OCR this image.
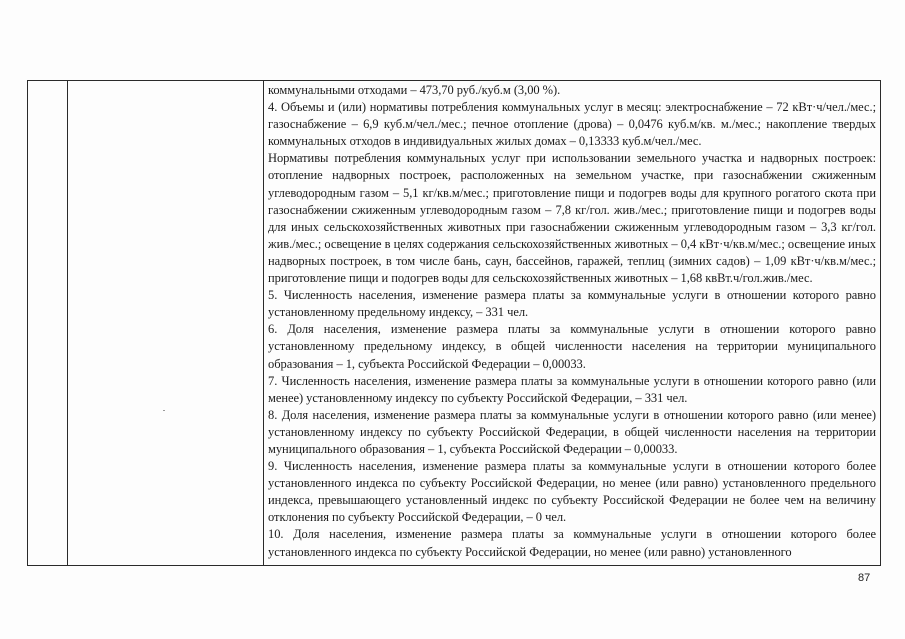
коммунальными отходами – 473,70 руб./куб.м (3,00 %).

4. Объемы и (или) нормативы потребления коммунальных услуг в месяц: электроснабжение – 72 кВт·ч/чел./мес.; газоснабжение – 6,9 куб.м/чел./мес.; печное отопление (дрова) – 0,0476 куб.м/кв. м./мес.; накопление твердых коммунальных отходов в индивидуальных жилых домах – 0,13333 куб.м/чел./мес.

Нормативы потребления коммунальных услуг при использовании земельного участка и надворных построек: отопление надворных построек, расположенных на земельном участке, при газоснабжении сжиженным углеводородным газом – 5,1 кг/кв.м/мес.; приготовление пищи и подогрев воды для крупного рогатого скота при газоснабжении сжиженным углеводородным газом – 7,8 кг/гол. жив./мес.; приготовление пищи и подогрев воды для иных сельскохозяйственных животных при газоснабжении сжиженным углеводородным газом – 3,3 кг/гол. жив./мес.; освещение в целях содержания сельскохозяйственных животных – 0,4 кВт·ч/кв.м/мес.; освещение иных надворных построек, в том числе бань, саун, бассейнов, гаражей, теплиц (зимних садов) – 1,09 кВт·ч/кв.м/мес.; приготовление пищи и подогрев воды для сельскохозяйственных животных – 1,68 квВт.ч/гол.жив./мес.

5. Численность населения, изменение размера платы за коммунальные услуги в отношении которого равно установленному предельному индексу, – 331 чел.

6. Доля населения, изменение размера платы за коммунальные услуги в отношении которого равно установленному предельному индексу, в общей численности населения на территории муниципального образования – 1, субъекта Российской Федерации – 0,00033.

7. Численность населения, изменение размера платы за коммунальные услуги в отношении которого равно (или менее) установленному индексу по субъекту Российской Федерации, – 331 чел.

8. Доля населения, изменение размера платы за коммунальные услуги в отношении которого равно (или менее) установленному индексу по субъекту Российской Федерации, в общей численности населения на территории муниципального образования – 1, субъекта Российской Федерации – 0,00033.

9. Численность населения, изменение размера платы за коммунальные услуги в отношении которого более установленного индекса по субъекту Российской Федерации, но менее (или равно) установленного предельного индекса, превышающего установленный индекс по субъекту Российской Федерации не более чем на величину отклонения по субъекту Российской Федерации, – 0 чел.

10. Доля населения, изменение размера платы за коммунальные услуги в отношении которого более установленного индекса по субъекту Российской Федерации, но менее (или равно) установленного

87
